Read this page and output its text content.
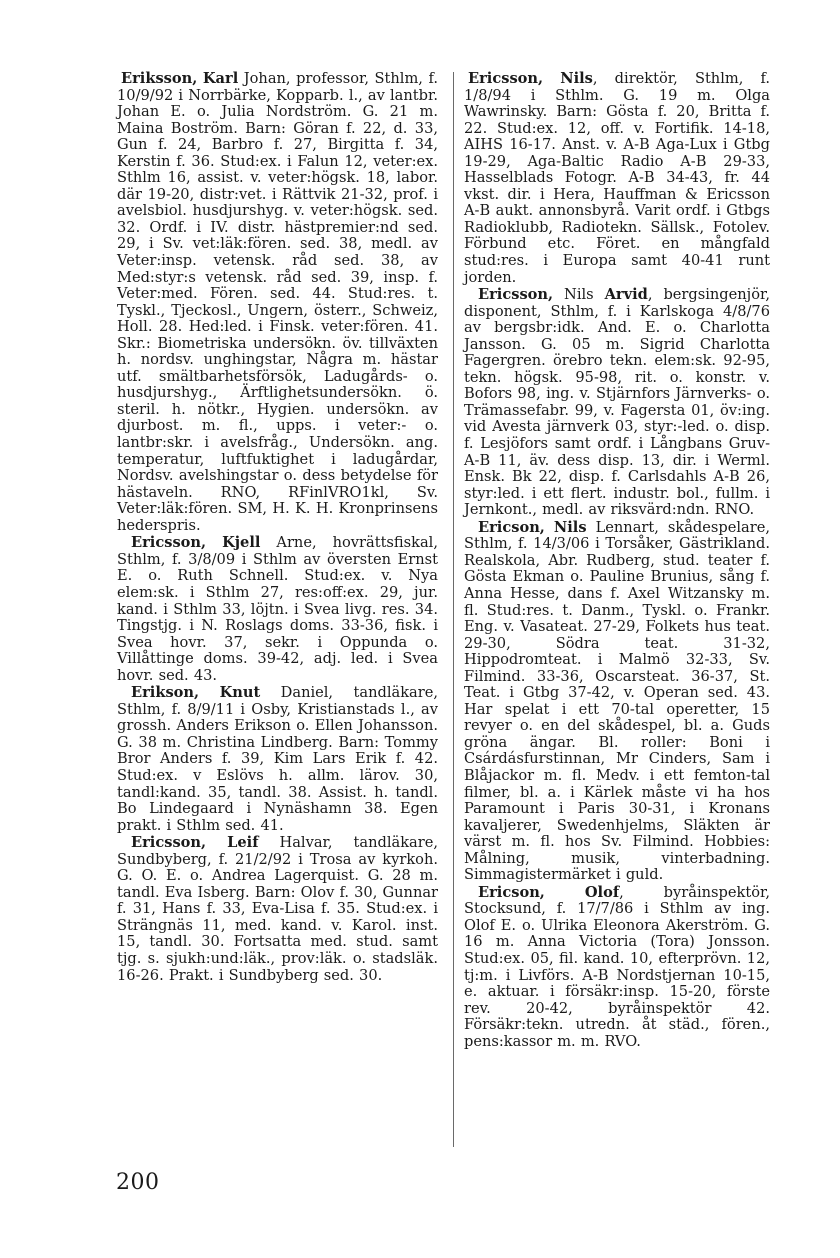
Eriksson, Karl Johan, professor, Sthlm, f. 10/9/92 i Norrbärke, Kopparb. l., av lantbr. Johan E. o. Julia Nordström. G. 21 m. Maina Boström. Barn: Göran f. 22, d. 33, Gun f. 24, Barbro f. 27, Birgitta f. 34, Kerstin f. 36. Stud:ex. i Falun 12, veter:ex. Sthlm 16, assist. v. veter:högsk. 18, labor. där 19-20, distr:vet. i Rättvik 21-32, prof. i avelsbiol. husdjurshyg. v. veter:högsk. sed. 32. Ordf. i IV. distr. hästpremier:nd sed. 29, i Sv. vet:läk:fören. sed. 38, medl. av Veter:insp. vetensk. råd sed. 38, av Med:styr:s vetensk. råd sed. 39, insp. f. Veter:med. Fören. sed. 44. Stud:res. t. Tyskl., Tjeckosl., Ungern, österr., Schweiz, Holl. 28. Hed:led. i Finsk. veter:fören. 41. Skr.: Biometriska undersökn. öv. tillväxten h. nordsv. unghingstar, Några m. hästar utf. smältbarhetsförsök, Ladugårds- o. husdjurshyg., Ärftlighetsundersökn. ö. steril. h. nötkr., Hygien. undersökn. av djurbost. m. fl., upps. i veter:- o. lantbr:skr. i avelsfråg., Undersökn. ang. temperatur, luftfuktighet i ladugårdar, Nordsv. avelshingstar o. dess betydelse för hästaveln. RNO, RFinlVRO1kl, Sv. Veter:läk:fören. SM, H. K. H. Kronprinsens hederspris.

Ericsson, Kjell Arne, hovrättsfiskal, Sthlm, f. 3/8/09 i Sthlm av översten Ernst E. o. Ruth Schnell. Stud:ex. v. Nya elem:sk. i Sthlm 27, res:off:ex. 29, jur. kand. i Sthlm 33, löjtn. i Svea livg. res. 34. Tingstjg. i N. Roslags doms. 33-36, fisk. i Svea hovr. 37, sekr. i Oppunda o. Villåttinge doms. 39-42, adj. led. i Svea hovr. sed. 43.

Erikson, Knut Daniel, tandläkare, Sthlm, f. 8/9/11 i Osby, Kristianstads l., av grossh. Anders Erikson o. Ellen Johansson. G. 38 m. Christina Lindberg. Barn: Tommy Bror Anders f. 39, Kim Lars Erik f. 42. Stud:ex. v Eslövs h. allm. lärov. 30, tandl:kand. 35, tandl. 38. Assist. h. tandl. Bo Lindegaard i Nynäshamn 38. Egen prakt. i Sthlm sed. 41.

Ericsson, Leif Halvar, tandläkare, Sundbyberg, f. 21/2/92 i Trosa av kyrkoh. G. O. E. o. Andrea Lagerquist. G. 28 m. tandl. Eva Isberg. Barn: Olov f. 30, Gunnar f. 31, Hans f. 33, Eva-Lisa f. 35. Stud:ex. i Strängnäs 11, med. kand. v. Karol. inst. 15, tandl. 30. Fortsatta med. stud. samt tjg. s. sjukh:und:läk., prov:läk. o. stadsläk. 16-26. Prakt. i Sundbyberg sed. 30.

Ericsson, Nils, direktör, Sthlm, f. 1/8/94 i Sthlm. G. 19 m. Olga Wawrinsky. Barn: Gösta f. 20, Britta f. 22. Stud:ex. 12, off. v. Fortifik. 14-18, AIHS 16-17. Anst. v. A-B Aga-Lux i Gtbg 19-29, Aga-Baltic Radio A-B 29-33, Hasselblads Fotogr. A-B 34-43, fr. 44 vkst. dir. i Hera, Hauffman & Ericsson A-B aukt. annonsbyrå. Varit ordf. i Gtbgs Radioklubb, Radiotekn. Sällsk., Fotolev. Förbund etc. Föret. en mångfald stud:res. i Europa samt 40-41 runt jorden.

Ericsson, Nils Arvid, bergsingenjör, disponent, Sthlm, f. i Karlskoga 4/8/76 av bergsbr:idk. And. E. o. Charlotta Jansson. G. 05 m. Sigrid Charlotta Fagergren. örebro tekn. elem:sk. 92-95, tekn. högsk. 95-98, rit. o. konstr. v. Bofors 98, ing. v. Stjärnfors Järnverks- o. Trämassefabr. 99, v. Fagersta 01, öv:ing. vid Avesta järnverk 03, styr:-led. o. disp. f. Lesjöfors samt ordf. i Långbans Gruv-A-B 11, äv. dess disp. 13, dir. i Werml. Ensk. Bk 22, disp. f. Carlsdahls A-B 26, styr:led. i ett flert. industr. bol., fullm. i Jernkont., medl. av riksvärd:ndn. RNO.

Ericson, Nils Lennart, skådespelare, Sthlm, f. 14/3/06 i Torsåker, Gästrikland. Realskola, Abr. Rudberg, stud. teater f. Gösta Ekman o. Pauline Brunius, sång f. Anna Hesse, dans f. Axel Witzansky m. fl. Stud:res. t. Danm., Tyskl. o. Frankr. Eng. v. Vasateat. 27-29, Folkets hus teat. 29-30, Södra teat. 31-32, Hippodromteat. i Malmö 32-33, Sv. Filmind. 33-36, Oscarsteat. 36-37, St. Teat. i Gtbg 37-42, v. Operan sed. 43. Har spelat i ett 70-tal operetter, 15 revyer o. en del skådespel, bl. a. Guds gröna ängar. Bl. roller: Boni i Csárdásfurstinnan, Mr Cinders, Sam i Blåjackor m. fl. Medv. i ett femton-tal filmer, bl. a. i Kärlek måste vi ha hos Paramount i Paris 30-31, i Kronans kavaljerer, Swedenhjelms, Släkten är värst m. fl. hos Sv. Filmind. Hobbies: Målning, musik, vinterbadning. Simmagistermärket i guld.

Ericson,	Olof, byråinspektör, Stocksund, f. 17/7/86 i Sthlm av ing. Olof E. o. Ulrika Eleonora Akerström. G. 16 m. Anna Victoria (Tora) Jonsson. Stud:ex. 05, fil. kand. 10, efterprövn. 12, tj:m. i Livförs. A-B Nordstjernan 10-15, e. aktuar. i försäkr:insp. 15-20, förste rev. 20-42, byråinspektör 42. Försäkr:tekn. utredn. åt städ., fören., pens:kassor m. m. RVO.

200
